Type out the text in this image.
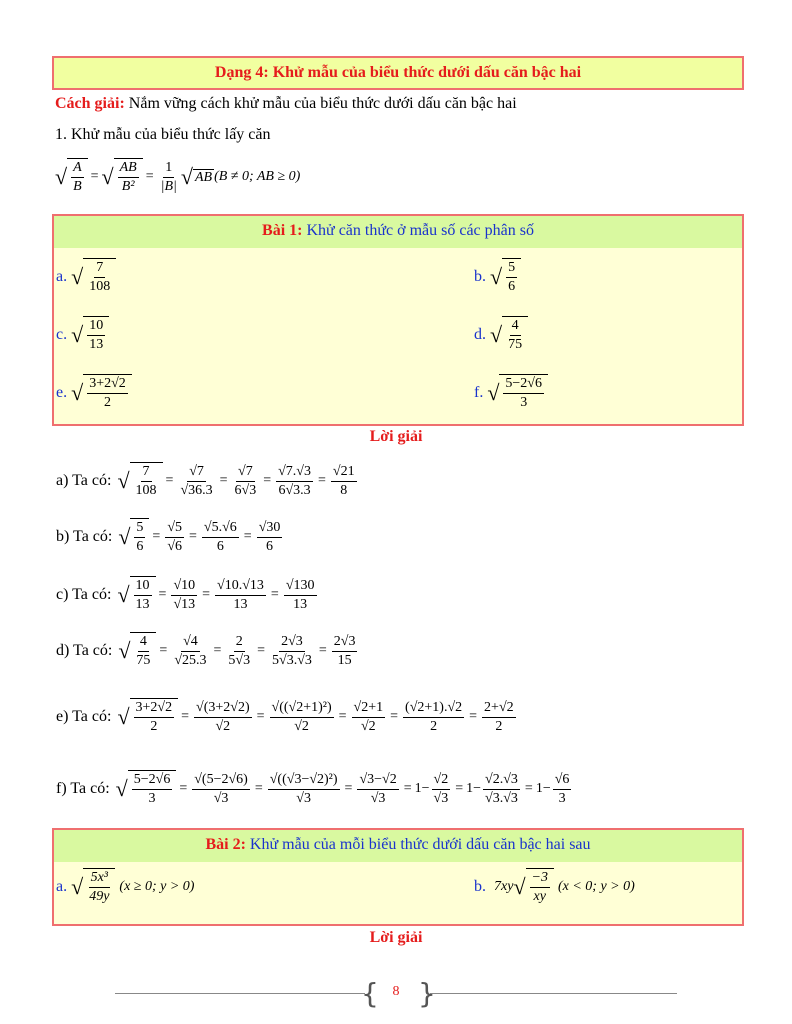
Dạng 4: Khử mẫu của biểu thức dưới dấu căn bậc hai
Cách giải: Nắm vững cách khử mẫu của biểu thức dưới dấu căn bậc hai
1. Khử mẫu của biểu thức lấy căn
√ $\frac{A}{B}$ = √ $\frac{AB}{\text{B²}} = \frac{1}{|B|}$ √ AB (B ≠ 0; AB ≥ 0)
Bài 1: Khử căn thức ở mẫu số các phân số
a. √ $\frac{7}{108}$	b. √ $\frac{5}{6}$
c. √ $\frac{10}{13}$	d. √ $\frac{4}{75}$
e. √ $\frac{3+2√2}{2}$	f. √ $\frac{5-2√6}{3}$
Lời giải
a) Ta có: √ $\frac{7}{108} = \frac{√7}{√36.3} = \frac{√7}{6√3} = \frac{√7.√3}{6√3.3} = \frac{√21}{8}$
b) Ta có: √ $\frac{5}{6} = \frac{√5}{√6} = \frac{√5.√6}{6} = \frac{√30}{6}$
c) Ta có: √ $\frac{10}{13} = \frac{√10}{√13} = \frac{√10.√13}{13} = \frac{√130}{13}$
d) Ta có: √ $\frac{4}{75} = \frac{√4}{√25.3} = \frac{2}{5√3} = \frac{2√3}{5√3.√3} = \frac{2√3}{15}$
e) Ta có: √ $\frac{3+2√2}{2} = \frac{√(3+2√2)}{√2} = \frac{\text{√((√2+1)²)}}{√2} = \frac{√2+1}{√2} = \frac{(√2+1).√2}{2} = \frac{2+√2}{2}$
f) Ta có: √ $\frac{5-2√6}{3} = \frac{√(5-2√6)}{√3} = \frac{\text{√((√3−√2)²)}}{√3} = \frac{√3-√2}{√3} = 1- \frac{√2}{√3} = 1- \frac{√2.√3}{√3.√3} = 1- \frac{√6}{3}$
Bài 2: Khử mẫu của mỗi biểu thức dưới dấu căn bậc hai sau
a. √ $\frac{\text{5x³}}{49y} (x \ge 0$; y > 0)	b. 7xy √ $\frac{-3}{xy} (x < 0$; y > 0)
Lời giải
{ }
8
